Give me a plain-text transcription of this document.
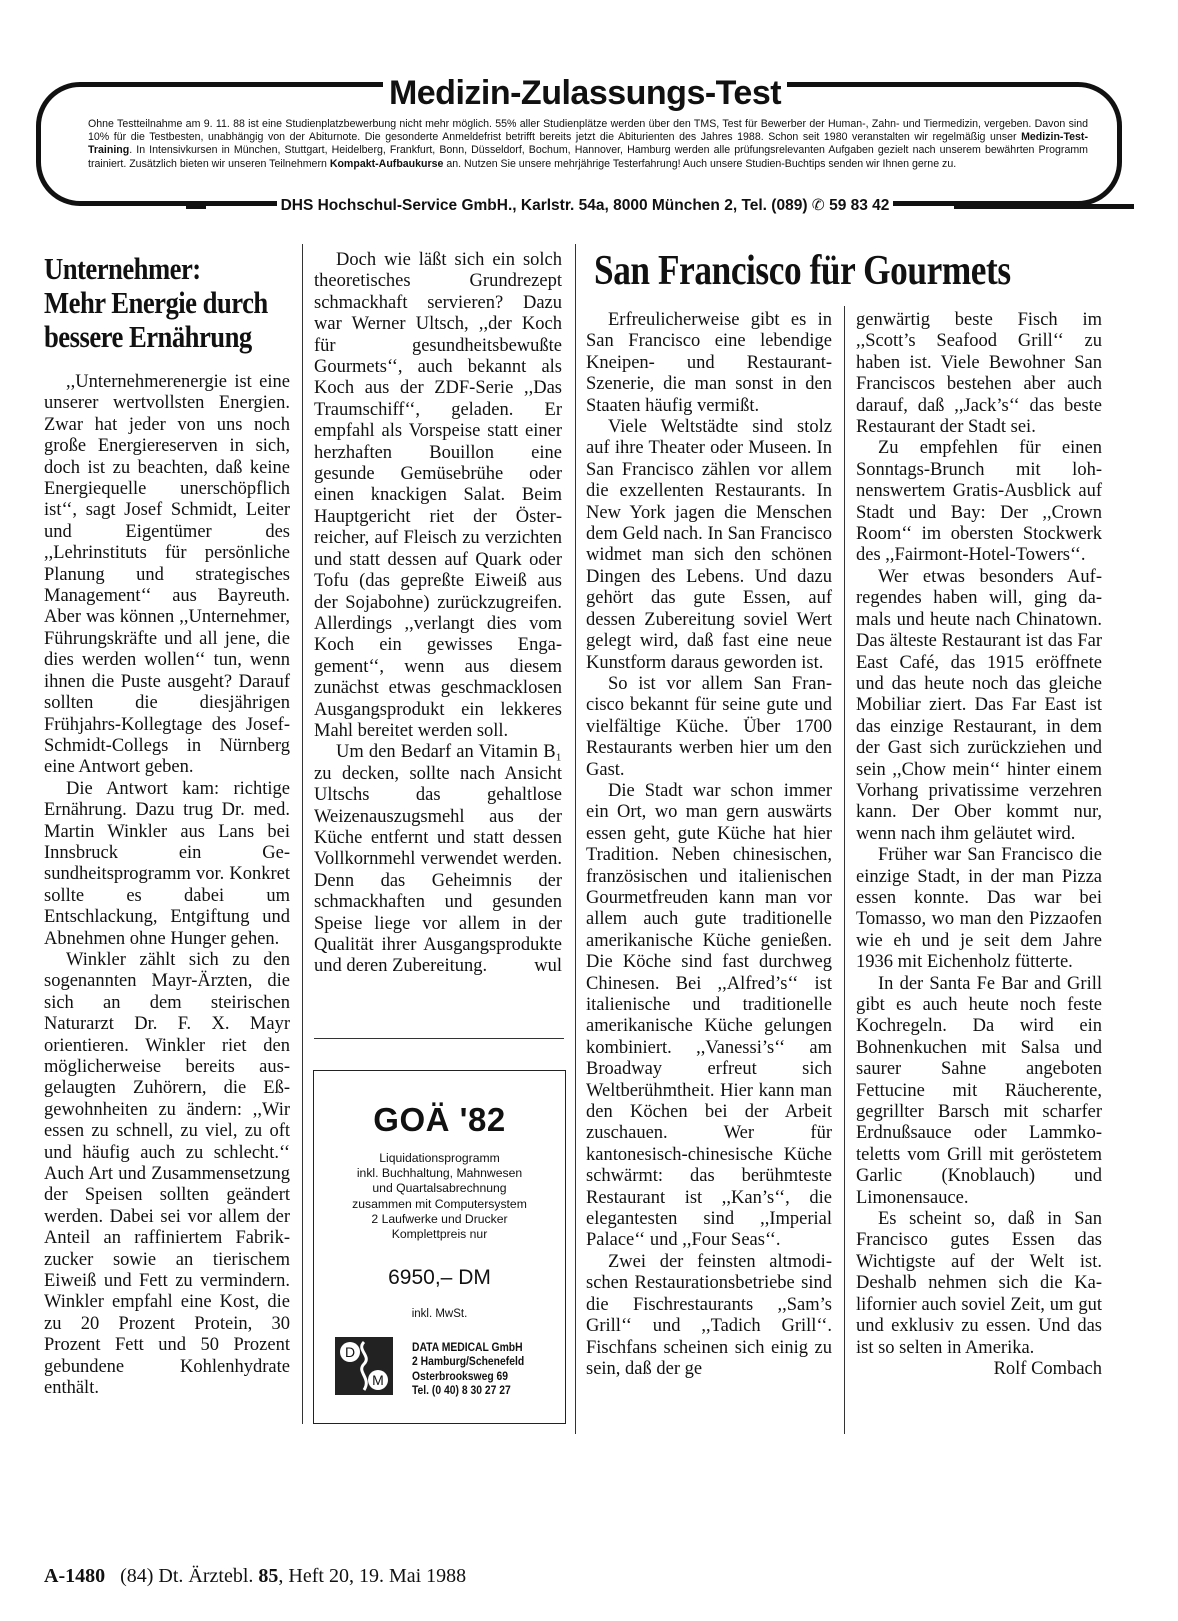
Medizin-Zulassungs-Test
Ohne Testteilnahme am 9. 11. 88 ist eine Studienplatzbewerbung nicht mehr möglich. 55% aller Studienplätze werden über den TMS, Test für Bewerber der Human-, Zahn- und Tiermedizin, vergeben. Davon sind 10% für die Testbesten, unabhängig von der Abiturnote. Die gesonderte Anmeldefrist betrifft bereits jetzt die Abiturienten des Jahres 1988. Schon seit 1980 veranstalten wir regelmäßig unser Medizin-Test-Training. In Intensivkursen in München, Stuttgart, Heidelberg, Frankfurt, Bonn, Düsseldorf, Bochum, Hannover, Hamburg werden alle prüfungsrelevanten Aufgaben gezielt nach unserem bewährten Programm trainiert. Zusätzlich bieten wir unseren Teilnehmern Kompakt-Aufbaukurse an. Nutzen Sie unsere mehrjährige Testerfahrung! Auch unsere Studien-Buchtips senden wir Ihnen gerne zu.
DHS Hochschul-Service GmbH., Karlstr. 54a, 8000 München 2, Tel. (089) ✆ 59 83 42
Unternehmer:
Mehr Energie durch
bessere Ernährung

,,Unternehmerenergie ist eine unserer wertvollsten Energien. Zwar hat jeder von uns noch große Energiereserven in sich, doch ist zu beachten, daß keine Energiequelle unerschöpflich ist‘‘, sagt Josef Schmidt, Leiter und Eigentümer des ,,Lehrinstituts für persönliche Planung und strategisches Management‘‘ aus Bayreuth. Aber was können ,,Unternehmer, Führungskräfte und all jene, die dies werden wollen‘‘ tun, wenn ihnen die Puste ausgeht? Darauf sollten die diesjährigen Frühjahrs-Kollegtage des Josef-Schmidt-Collegs in Nürnberg eine Antwort geben.

Die Antwort kam: richtige Ernährung. Dazu trug Dr. med. Martin Winkler aus Lans bei Innsbruck ein Gesundheitsprogramm vor. Konkret sollte es dabei um Entschlackung, Entgiftung und Abnehmen ohne Hunger gehen.

Winkler zählt sich zu den sogenannten Mayr-Ärzten, die sich an dem steirischen Naturarzt Dr. F. X. Mayr orientieren. Winkler riet den möglicherweise bereits ausgelaugten Zuhörern, die Eßgewohnheiten zu ändern: ,,Wir essen zu schnell, zu viel, zu oft und häufig auch zu schlecht.‘‘ Auch Art und Zusammensetzung der Speisen sollten geändert werden. Dabei sei vor allem der Anteil an raffiniertem Fabrikzucker sowie an tierischem Eiweiß und Fett zu vermindern. Winkler empfahl eine Kost, die zu 20 Prozent Protein, 30 Prozent Fett und 50 Prozent gebundene Kohlenhydrate enthält.

Doch wie läßt sich ein solch theoretisches Grundrezept schmackhaft servieren? Dazu war Werner Ultsch, ,,der Koch für gesundheitsbewußte Gourmets‘‘, auch bekannt als Koch aus der ZDF-Serie ,,Das Traumschiff‘‘, geladen. Er empfahl als Vorspeise statt einer herzhaften Bouillon eine gesunde Gemüsebrühe oder einen knackigen Salat. Beim Hauptgericht riet der Österreicher, auf Fleisch zu verzichten und statt dessen auf Quark oder Tofu (das gepreßte Eiweiß aus der Sojabohne) zurückzugreifen. Allerdings ,,verlangt dies vom Koch ein gewisses Engagement‘‘, wenn aus diesem zunächst etwas geschmacklosen Ausgangsprodukt ein lekkeres Mahl bereitet werden soll.

Um den Bedarf an Vitamin B₁ zu decken, sollte nach Ansicht Ultschs das gehaltlose Weizenauszugsmehl aus der Küche entfernt und statt dessen Vollkornmehl verwendet werden. Denn das Geheimnis der schmackhaften und gesunden Speise liege vor allem in der Qualität ihrer Ausgangsprodukte und deren Zubereitung.	wul

GOÄ '82
Liquidationsprogramm
inkl. Buchhaltung, Mahnwesen
und Quartalsabrechnung
zusammen mit Computersystem
2 Laufwerke und Drucker
Komplettpreis nur
6950,– DM
inkl. MwSt.
D
M
DATA MEDICAL GmbH
2 Hamburg/Schenefeld
Osterbrooksweg 69
Tel. (0 40) 8 30 27 27
San Francisco für Gourmets

Erfreulicherweise gibt es in San Francisco eine lebendige Kneipen- und Restaurant-Szenerie, die man sonst in den Staaten häufig vermißt.

Viele Weltstädte sind stolz auf ihre Theater oder Museen. In San Francisco zählen vor allem die exzellenten Restaurants. In New York jagen die Menschen dem Geld nach. In San Francisco widmet man sich den schönen Dingen des Lebens. Und dazu gehört das gute Essen, auf dessen Zubereitung soviel Wert gelegt wird, daß fast eine neue Kunstform daraus geworden ist.

So ist vor allem San Francisco bekannt für seine gute und vielfältige Küche. Über 1700 Restaurants werben hier um den Gast.

Die Stadt war schon immer ein Ort, wo man gern auswärts essen geht, gute Küche hat hier Tradition. Neben chinesischen, französischen und italienischen Gourmetfreuden kann man vor allem auch gute traditionelle amerikanische Küche genießen. Die Köche sind fast durchweg Chinesen. Bei ,,Alfred’s‘‘ ist italienische und traditionelle amerikanische Küche gelungen kombiniert. ,,Vanessi’s‘‘ am Broadway erfreut sich Weltberühmtheit. Hier kann man den Köchen bei der Arbeit zuschauen. Wer für kantonesisch-chinesische Küche schwärmt: das berühmteste Restaurant ist ,,Kan’s‘‘, die elegantesten sind ,,Imperial Palace‘‘ und ,,Four Seas‘‘.

Zwei der feinsten altmodischen Restaurationsbetriebe sind die Fischrestaurants ,,Sam’s Grill‘‘ und ,,Tadich Grill‘‘. Fischfans scheinen sich einig zu sein, daß der ge

genwärtig beste Fisch im ,,Scott’s Seafood Grill‘‘ zu haben ist. Viele Bewohner San Franciscos bestehen aber auch darauf, daß ,,Jack’s‘‘ das beste Restaurant der Stadt sei.

Zu empfehlen für einen Sonntags-Brunch mit lohnenswertem Gratis-Ausblick auf Stadt und Bay: Der ,,Crown Room‘‘ im obersten Stockwerk des ,,Fairmont-Hotel-Towers‘‘.

Wer etwas besonders Aufregendes haben will, ging damals und heute nach Chinatown. Das älteste Restaurant ist das Far East Café, das 1915 eröffnete und das heute noch das gleiche Mobiliar ziert. Das Far East ist das einzige Restaurant, in dem der Gast sich zurückziehen und sein ,,Chow mein‘‘ hinter einem Vorhang privatissime verzehren kann. Der Ober kommt nur, wenn nach ihm geläutet wird.

Früher war San Francisco die einzige Stadt, in der man Pizza essen konnte. Das war bei Tomasso, wo man den Pizzaofen wie eh und je seit dem Jahre 1936 mit Eichenholz fütterte.

In der Santa Fe Bar and Grill gibt es auch heute noch feste Kochregeln. Da wird ein Bohnenkuchen mit Salsa und saurer Sahne angeboten Fettucine mit Räucherente, gegrillter Barsch mit scharfer Erdnußsauce oder Lammkoteletts vom Grill mit geröstetem Garlic (Knoblauch) und Limonensauce.

Es scheint so, daß in San Francisco gutes Essen das Wichtigste auf der Welt ist. Deshalb nehmen sich die Kalifornier auch soviel Zeit, um gut und exklusiv zu essen. Und das ist so selten in Amerika.
Rolf Combach

A-1480 (84) Dt. Ärztebl. 85, Heft 20, 19. Mai 1988
